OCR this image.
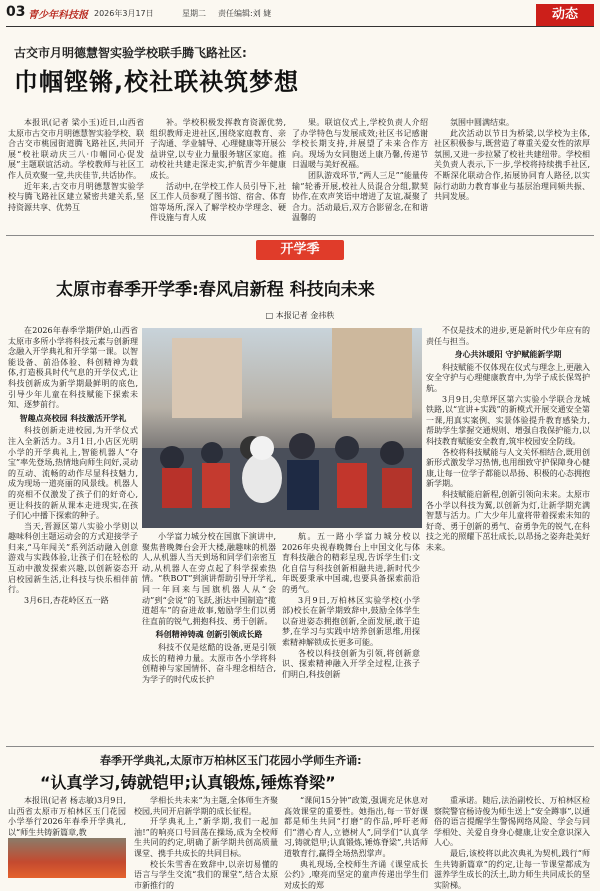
03 青少年科技报 2026年3月17日	星期二 责任编辑:刘 婕	动态
古交市月明德慧智实验学校联手腾飞路社区:
巾帼铿锵,校社联袂筑梦想

本报讯(记者 梁小玉)近日,山西省太原市古交市月明德慧智实验学校、联合古交市桃园街道腾飞路社区,共同开展“校社联动庆三八·巾帼同心促发展”主题联谊活动。学校教师与社区工作人员欢聚一堂,共庆佳节,共话协作。

近年来,古交市月明德慧智实验学校与腾飞路社区建立紧密共建关系,坚持资源共享、优势互

补。学校积极发挥教育资源优势,组织教师走进社区,围绕家庭教育、亲子沟通、学业辅导、心理健康等开展公益讲堂,以专业力量服务辖区家庭。推动校社共建走深走实,护航青少年健康成长。

活动中,在学校工作人员引导下,社区工作人员参观了图书馆、宿舍、体育馆等场所,深入了解学校办学理念、硬件设施与育人成

果。联谊仪式上,学校负责人介绍了办学特色与发展成效;社区书记感谢学校长期支持,并展望了未来合作方向。现场为女同胞送上康乃馨,传递节日温暖与美好祝福。

团队游戏环节,“两人三足”“能量传输”轮番开展,校社人员混合分组,默契协作,在欢声笑语中增进了友谊,凝聚了合力。活动最后,双方合影留念,在和谐温馨的

氛围中圆满结束。

此次活动以节日为桥梁,以学校为主体,社区积极参与,既营造了尊重关爱女性的浓厚氛围,又进一步拉紧了校社共建纽带。学校相关负责人表示,下一步,学校将持续携手社区,不断深化联动合作,拓展协同育人路径,以实际行动助力教育事业与基层治理同频共振、共同发展。

开学季
太原市春季开学季:春风启新程 科技向未来
□ 本报记者 金祎秩

在2026年春季学期伊始,山西省太原市多所小学将科技元素与创新理念融入开学典礼和开学第一课。以智能设备、前沿体验、科创精神为载体,打造极具时代气息的开学仪式,让科技创新成为新学期最鲜明的底色,引导少年儿童在科技赋能下探索未知、逐梦前行。

智趣点亮校园 科技激活开学礼

科技创新走进校园,为开学仪式注入全新活力。3月1日,小店区光明小学的开学典礼上,智能机器人“夺宝”率先登场,热情地向师生问好,灵动的互动、流畅的动作尽显科技魅力,成为现场一道亮丽的风景线。机器人的亮相不仅激发了孩子们的好奇心,更让科技的新从课本走进现实,在孩子们心中播下探索的种子。

当天,晋源区第八实验小学则以趣味科创主题运动会的方式迎接学子归来,“马年闯关”系列活动融入创意游戏与实践体验,让孩子们在轻松的互动中激发探索兴趣,以创新姿态开启校园新生活,让科技与快乐相伴前行。

3月6日,杏花岭区五一路

小学富力城分校在国旗下演讲中,聚焦普晚舞台会开大楼,融趣味的机器人,从机器人当天到场和同学们亲密互动,从机器人在旁点起了科学探索热情。“秩BOT”到演讲帮助引导开学礼,同一年回来与国旗机器人从“会动”到“会说”的飞跃,浙达中国制造“揽道超车”的奋进故事,勉励学生们以勇往直前的锐气,拥抱科技、勇于创新。

科创精神铸魂 创新引领成长路

科技不仅是炫酷的设备,更是引领成长的精神力量。太原市各小学将科创精神与家国情怀、奋斗理念相结合,为学子的时代成长护

航。五一路小学富力城分校以2026年央视春晚舞台上中国文化与体育科技融合的精彩呈现,告诉学生们:文化自信与科技创新相融共进,新时代少年既要秉承中国魂,也要具备探索前沿的勇气。

3月9日,万柏林区实验学校(小学部)校长在新学期致辞中,鼓励全体学生以奋进姿态拥抱创新,全面发展,敢于追梦,在学习与实践中培养创新思维,用探索精神解锁成长更多可能。

各校以科技创新为引领,将创新意识、探索精神融入开学全过程,让孩子们明白,科技创新

不仅是技术的进步,更是新时代少年应有的责任与担当。

身心共沐暖阳 守护赋能新学期

科技赋能不仅体现在仪式与理念上,更融入安全守护与心理健康教育中,为学子成长保驾护航。

3月9日,尖草坪区第六实验小学联合龙城铁路,以“宣讲+实践”的新模式开展交通安全第一课,用真实案例、实景体验提升教育感染力,帮助学生掌握交通规则、增强自我保护能力,以科技教育赋能安全教育,筑牢校园安全防线。

各校将科技赋能与人文关怀相结合,既用创新形式激发学习热情,也用细致守护保障身心健康,让每一位学子都能以昂扬、积极的心态拥抱新学期。

科技赋能启新程,创新引领向未来。太原市各小学以科技为翼,以创新为灯,让新学期充满智慧与活力。广大少年儿童将带着探索未知的好奇、勇于创新的勇气、奋勇争先的锐气,在科技之光的照耀下茁壮成长,以昂扬之姿奔赴美好未来。

春季开学典礼,太原市万柏林区玉门花园小学师生齐诵:
“认真学习,铸就铠甲;认真锻炼,锤炼脊梁”

本报讯(记者 杨志敏)3月9日,山西省太原市万柏林区玉门花园小学举行2026年春季开学典礼,以“师生共铸新篇章,教

学相长共未来”为主题,全体师生齐聚校园,共同开启新学期的成长征程。

开学典礼上,“新学期,我们一起加油!”的响亮口号回荡在操场,成为全校师生共同的约定,明确了新学期共创高质量课堂、携手共成长的共同目标。

校长朱雪香在致辞中,以亲切易懂的语言与学生交流“我们的课堂”,结合太原市新推行的

“课间15分钟”政策,强调充足休息对高效课堂的重要性。她指出,每一节好课都是师生共同“打磨”的作品,呼吁老师们“潜心育人,立德树人”,同学们“认真学习,铸就铠甲;认真锻炼,锤炼脊梁”,共话师道敬育行,赢得全场热烈掌声。

典礼现场,全校师生齐诵《课堂成长公约》,嘹亮而坚定的童声传递出学生们对成长的郑

重承诺。随后,法治副校长、万柏林区检察院警官杨诗俊为师生送上“安全蹲事”,以通俗的语言提醒学生警惕网络风险、学会与同学相处、关爱自身身心健康,让安全意识深入人心。

最后,该校将以此次典礼为契机,践行“师生共铸新篇章”的约定,让每一节课堂都成为滋养学生成长的沃土,助力师生共同成长的坚实阶梯。
